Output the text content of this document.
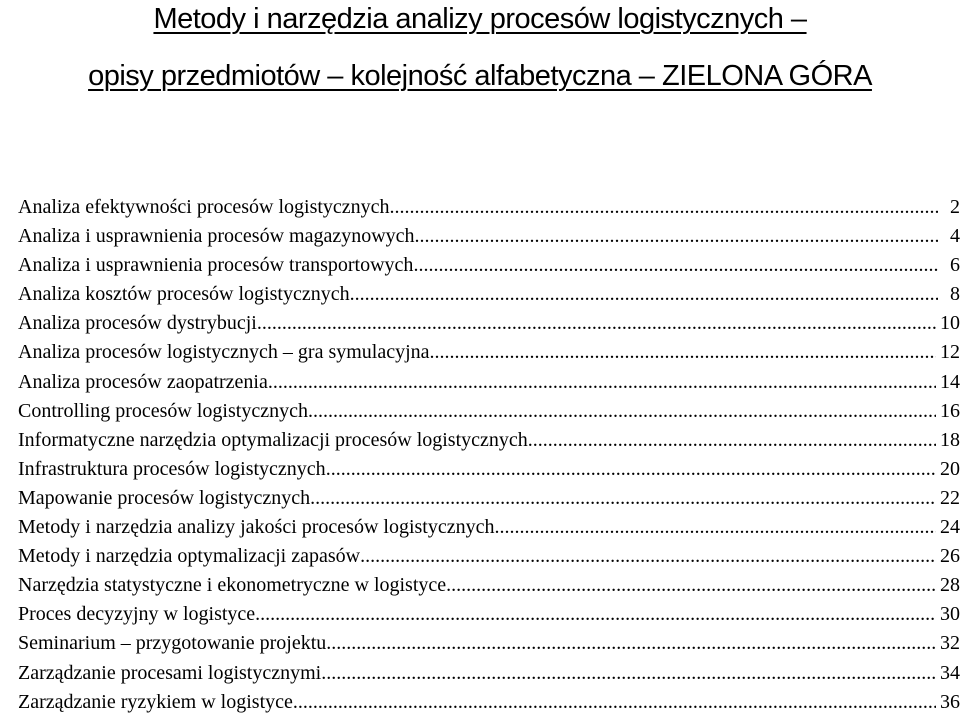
Metody i narzędzia analizy procesów logistycznych –
opisy przedmiotów – kolejność alfabetyczna – ZIELONA GÓRA
Analiza efektywności procesów logistycznych .....	2
Analiza i usprawnienia procesów magazynowych .....	4
Analiza i usprawnienia procesów transportowych .....	6
Analiza kosztów procesów logistycznych .....	8
Analiza procesów dystrybucji .....	10
Analiza procesów logistycznych – gra symulacyjna .....	12
Analiza procesów zaopatrzenia .....	14
Controlling procesów logistycznych .....	16
Informatyczne narzędzia optymalizacji procesów logistycznych .....	18
Infrastruktura procesów logistycznych .....	20
Mapowanie procesów logistycznych .....	22
Metody i narzędzia analizy jakości procesów logistycznych .....	24
Metody i narzędzia optymalizacji zapasów .....	26
Narzędzia statystyczne i ekonometryczne w logistyce .....	28
Proces decyzyjny w logistyce .....	30
Seminarium – przygotowanie projektu .....	32
Zarządzanie procesami logistycznymi .....	34
Zarządzanie ryzykiem w logistyce .....	36
